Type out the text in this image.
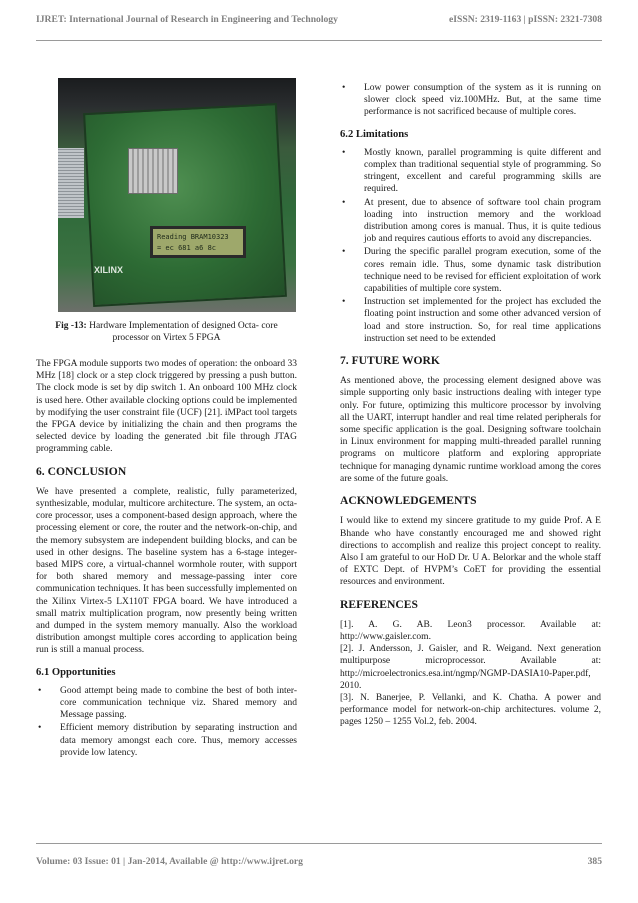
IJRET: International Journal of Research in Engineering and Technology	eISSN: 2319-1163 | pISSN: 2321-7308
Reading BRAM10323
= ec 681 a6 8c
XILINX
Fig -13: Hardware Implementation of designed Octa- core processor on Virtex 5 FPGA

The FPGA module supports two modes of operation: the onboard 33 MHz [18] clock or a step clock triggered by pressing a push button. The clock mode is set by dip switch 1. An onboard 100 MHz clock is used here. Other available clocking options could be implemented by modifying the user constraint file (UCF) [21]. iMPact tool targets the FPGA device by initializing the chain and then programs the selected device by loading the generated .bit file through JTAG programming cable.

6. CONCLUSION

We have presented a complete, realistic, fully parameterized, synthesizable, modular, multicore architecture. The system, an octa-core processor, uses a component-based design approach, where the processing element or core, the router and the network-on-chip, and the memory subsystem are independent building blocks, and can be used in other designs. The baseline system has a 6-stage integer-based MIPS core, a virtual-channel wormhole router, with support for both shared memory and message-passing inter core communication techniques. It has been successfully implemented on the Xilinx Virtex-5 LX110T FPGA board. We have introduced a small matrix multiplication program, now presently being written and dumped in the system memory manually. Also the workload distribution amongst multiple cores according to application being run is still a manual process.

6.1 Opportunities
• Good attempt being made to combine the best of both inter-core communication technique viz. Shared memory and Message passing.
• Efficient memory distribution by separating instruction and data memory amongst each core. Thus, memory accesses provide low latency.
• Low power consumption of the system as it is running on slower clock speed viz.100MHz. But, at the same time performance is not sacrificed because of multiple cores.
6.2 Limitations
• Mostly known, parallel programming is quite different and complex than traditional sequential style of programming. So stringent, excellent and careful programming skills are required.
• At present, due to absence of software tool chain program loading into instruction memory and the workload distribution among cores is manual. Thus, it is quite tedious job and requires cautious efforts to avoid any discrepancies.
• During the specific parallel program execution, some of the cores remain idle. Thus, some dynamic task distribution technique need to be revised for efficient exploitation of work capabilities of multiple core system.
• Instruction set implemented for the project has excluded the floating point instruction and some other advanced version of load and store instruction. So, for real time applications instruction set need to be extended
7. FUTURE WORK

As mentioned above, the processing element designed above was simple supporting only basic instructions dealing with integer type only. For future, optimizing this multicore processor by involving all the UART, interrupt handler and real time related peripherals for some specific application is the goal. Designing software toolchain in Linux environment for mapping multi-threaded parallel running programs on multicore platform and exploring appropriate technique for managing dynamic runtime workload among the cores are some of the future goals.

ACKNOWLEDGEMENTS

I would like to extend my sincere gratitude to my guide Prof. A E Bhande who have constantly encouraged me and showed right directions to accomplish and realize this project concept to reality. Also I am grateful to our HoD Dr. U A. Belorkar and the whole staff of EXTC Dept. of HVPM’s CoET for providing the essential resources and environment.

REFERENCES

[1]. A. G. AB. Leon3 processor. Available at: http://www.gaisler.com.

[2]. J. Andersson, J. Gaisler, and R. Weigand. Next generation multipurpose microprocessor. Available at: http://microelectronics.esa.int/ngmp/NGMP-DASIA10-Paper.pdf, 2010.

[3]. N. Banerjee, P. Vellanki, and K. Chatha. A power and performance model for network-on-chip architectures. volume 2, pages 1250 – 1255 Vol.2, feb. 2004.

Volume: 03 Issue: 01 | Jan-2014, Available @ http://www.ijret.org	385
